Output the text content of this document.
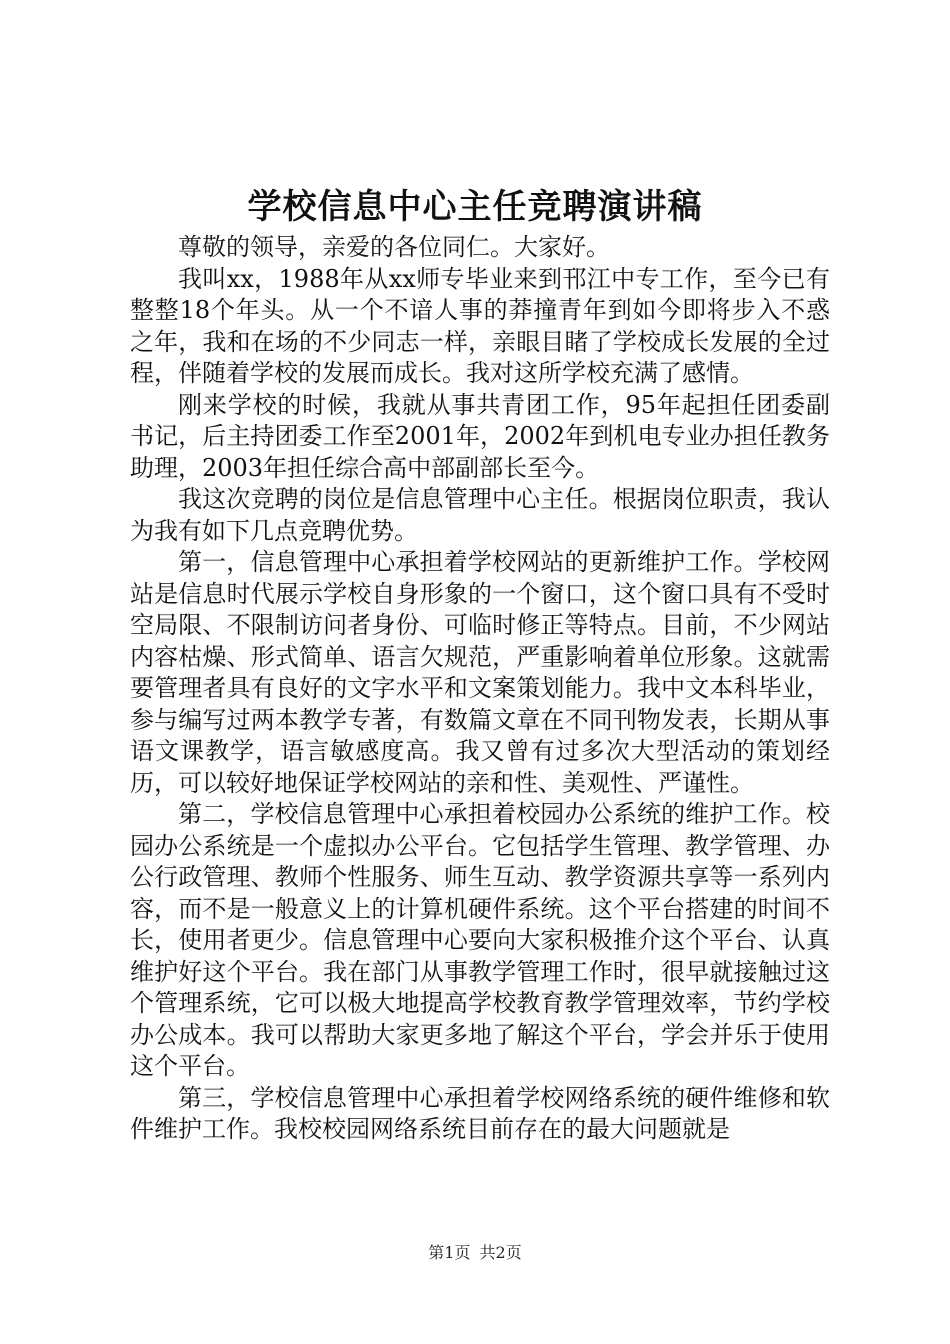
学校信息中心主任竞聘演讲稿

尊敬的领导，亲爱的各位同仁。大家好。

我叫xx，1988年从xx师专毕业来到邗江中专工作，至今已有整整18个年头。从一个不谙人事的莽撞青年到如今即将步入不惑之年，我和在场的不少同志一样，亲眼目睹了学校成长发展的全过程，伴随着学校的发展而成长。我对这所学校充满了感情。

刚来学校的时候，我就从事共青团工作，95年起担任团委副书记，后主持团委工作至2001年，2002年到机电专业办担任教务助理，2003年担任综合高中部副部长至今。

我这次竞聘的岗位是信息管理中心主任。根据岗位职责，我认为我有如下几点竞聘优势。

第一，信息管理中心承担着学校网站的更新维护工作。学校网站是信息时代展示学校自身形象的一个窗口，这个窗口具有不受时空局限、不限制访问者身份、可临时修正等特点。目前，不少网站内容枯燥、形式简单、语言欠规范，严重影响着单位形象。这就需要管理者具有良好的文字水平和文案策划能力。我中文本科毕业，参与编写过两本教学专著，有数篇文章在不同刊物发表，长期从事语文课教学，语言敏感度高。我又曾有过多次大型活动的策划经历，可以较好地保证学校网站的亲和性、美观性、严谨性。

第二，学校信息管理中心承担着校园办公系统的维护工作。校园办公系统是一个虚拟办公平台。它包括学生管理、教学管理、办公行政管理、教师个性服务、师生互动、教学资源共享等一系列内容，而不是一般意义上的计算机硬件系统。这个平台搭建的时间不长，使用者更少。信息管理中心要向大家积极推介这个平台、认真维护好这个平台。我在部门从事教学管理工作时，很早就接触过这个管理系统，它可以极大地提高学校教育教学管理效率，节约学校办公成本。我可以帮助大家更多地了解这个平台，学会并乐于使用这个平台。

第三，学校信息管理中心承担着学校网络系统的硬件维修和软件维护工作。我校校园网络系统目前存在的最大问题就是

第1页 共2页
